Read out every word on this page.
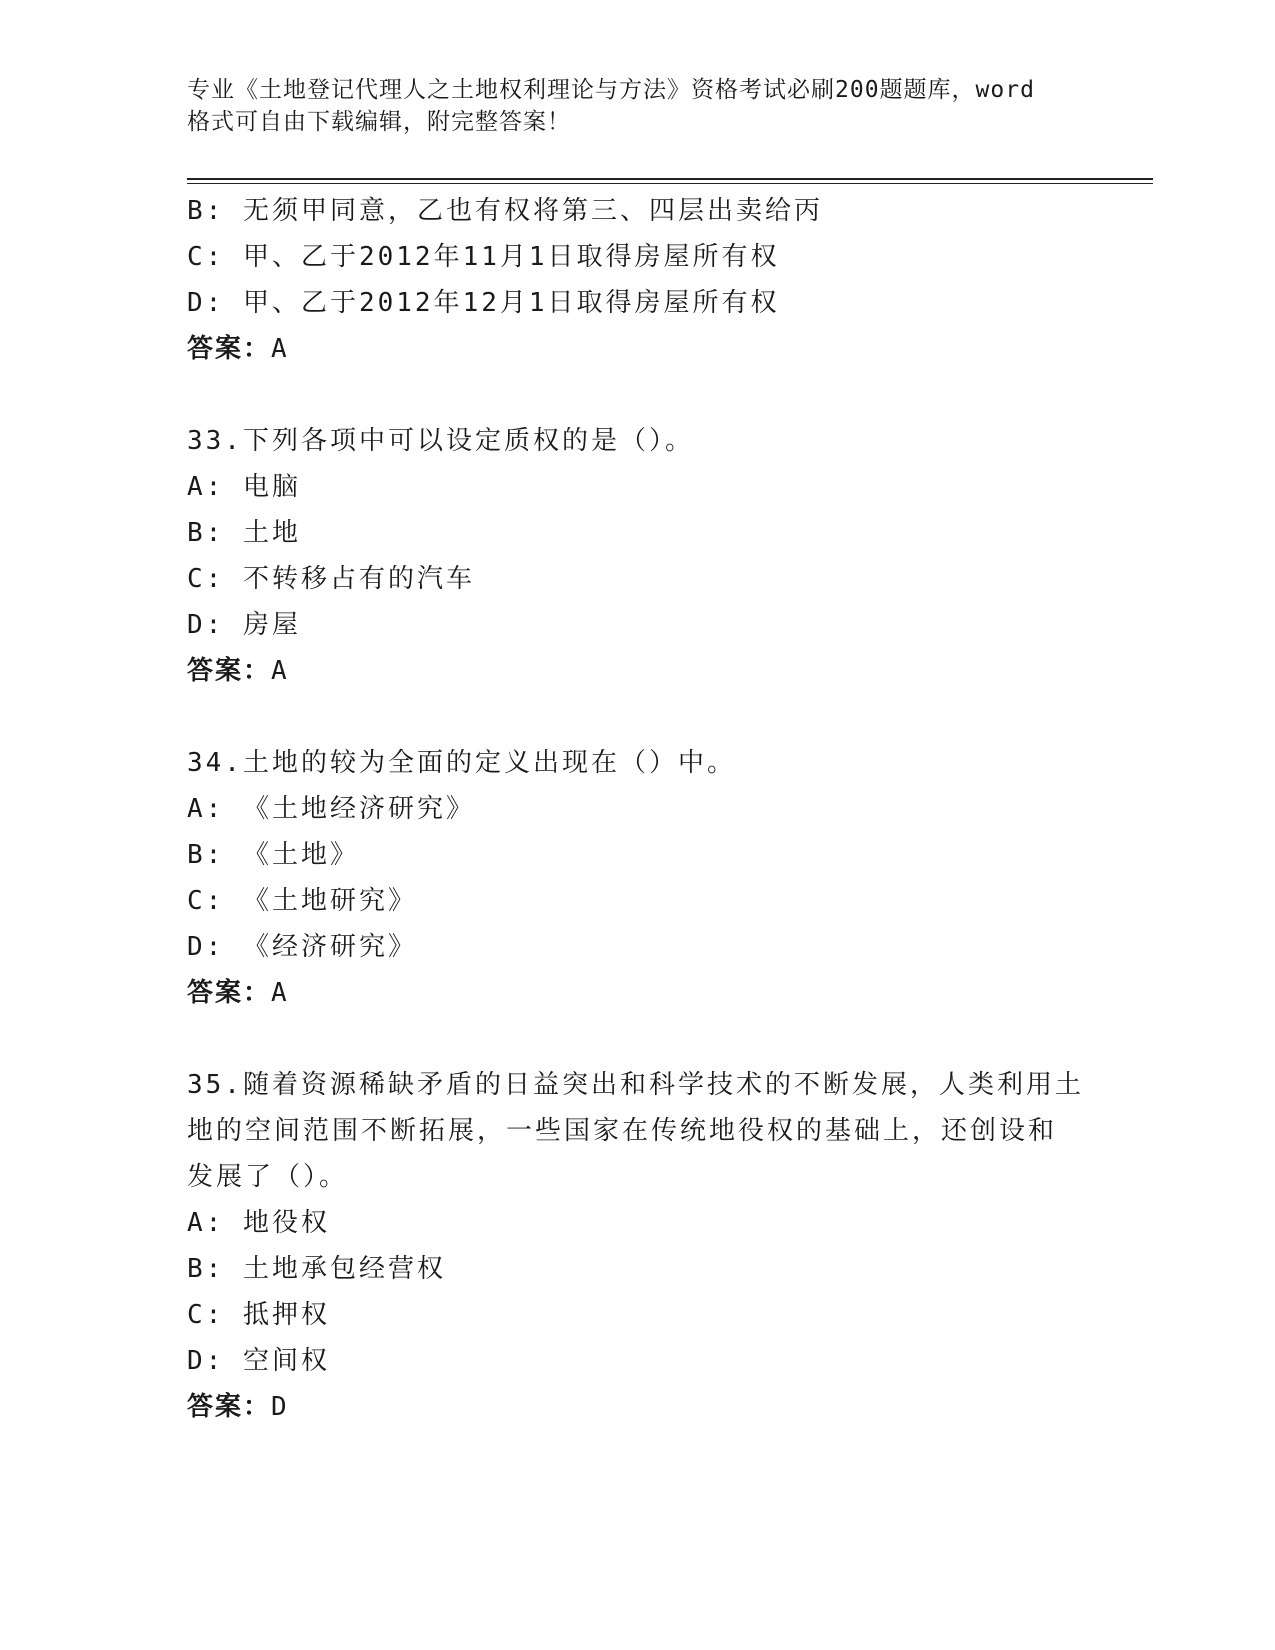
专业《土地登记代理人之土地权利理论与方法》资格考试必刷200题题库，word
格式可自由下载编辑，附完整答案！
B: 无须甲同意，乙也有权将第三、四层出卖给丙
C: 甲、乙于2012年11月1日取得房屋所有权
D: 甲、乙于2012年12月1日取得房屋所有权
答案：A
33.下列各项中可以设定质权的是（）。
A: 电脑
B: 土地
C: 不转移占有的汽车
D: 房屋
答案：A
34.土地的较为全面的定义出现在（）中。
A: 《土地经济研究》
B: 《土地》
C: 《土地研究》
D: 《经济研究》
答案：A
35.随着资源稀缺矛盾的日益突出和科学技术的不断发展，人类利用土
地的空间范围不断拓展，一些国家在传统地役权的基础上，还创设和
发展了（）。
A: 地役权
B: 土地承包经营权
C: 抵押权
D: 空间权
答案：D
